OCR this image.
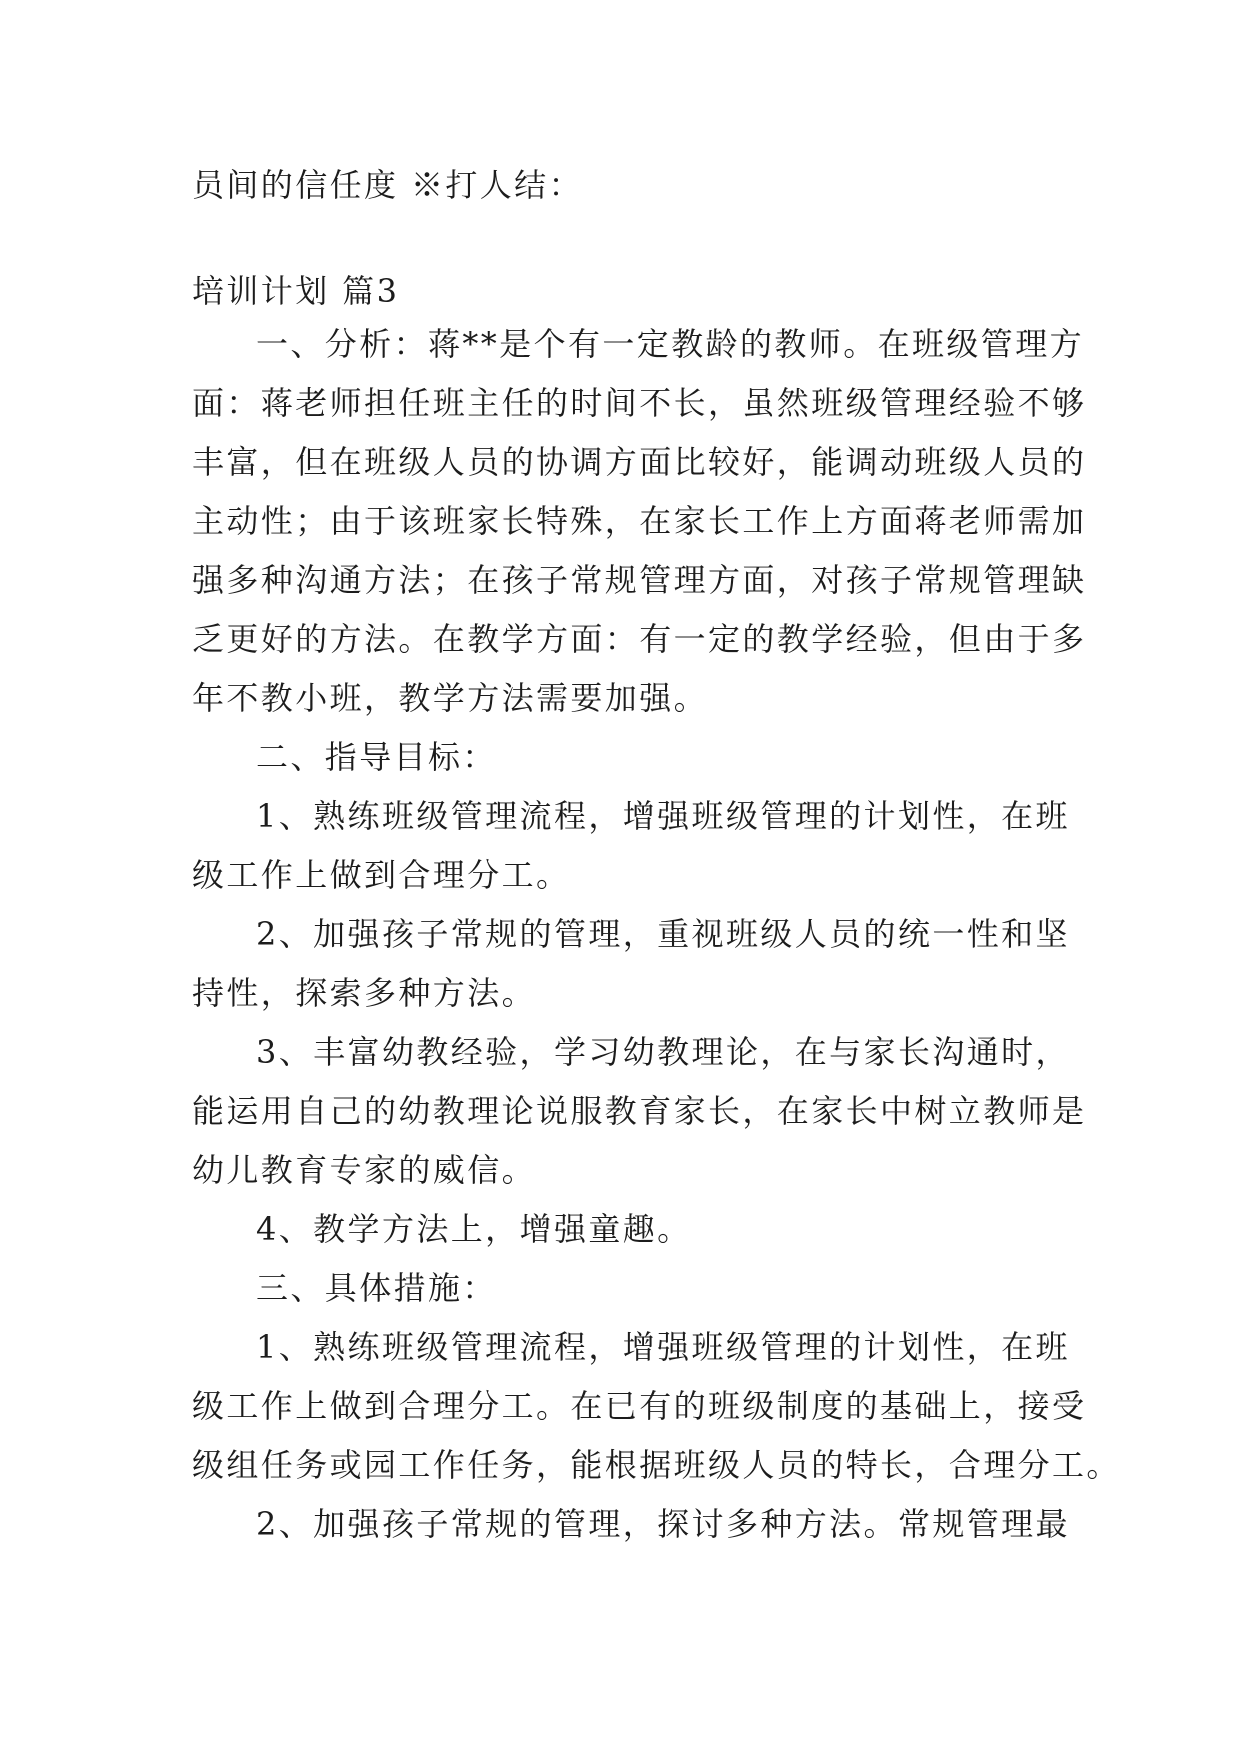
员间的信任度 ※打人结：
培训计划 篇3
一、分析：蒋**是个有一定教龄的教师。在班级管理方
面：蒋老师担任班主任的时间不长，虽然班级管理经验不够
丰富，但在班级人员的协调方面比较好，能调动班级人员的
主动性；由于该班家长特殊，在家长工作上方面蒋老师需加
强多种沟通方法；在孩子常规管理方面，对孩子常规管理缺
乏更好的方法。在教学方面：有一定的教学经验，但由于多
年不教小班，教学方法需要加强。
二、指导目标：
1、熟练班级管理流程，增强班级管理的计划性，在班
级工作上做到合理分工。
2、加强孩子常规的管理，重视班级人员的统一性和坚
持性，探索多种方法。
3、丰富幼教经验，学习幼教理论，在与家长沟通时，
能运用自己的幼教理论说服教育家长，在家长中树立教师是
幼儿教育专家的威信。
4、教学方法上，增强童趣。
三、具体措施：
1、熟练班级管理流程，增强班级管理的计划性，在班
级工作上做到合理分工。在已有的班级制度的基础上，接受
级组任务或园工作任务，能根据班级人员的特长，合理分工。
2、加强孩子常规的管理，探讨多种方法。常规管理最
